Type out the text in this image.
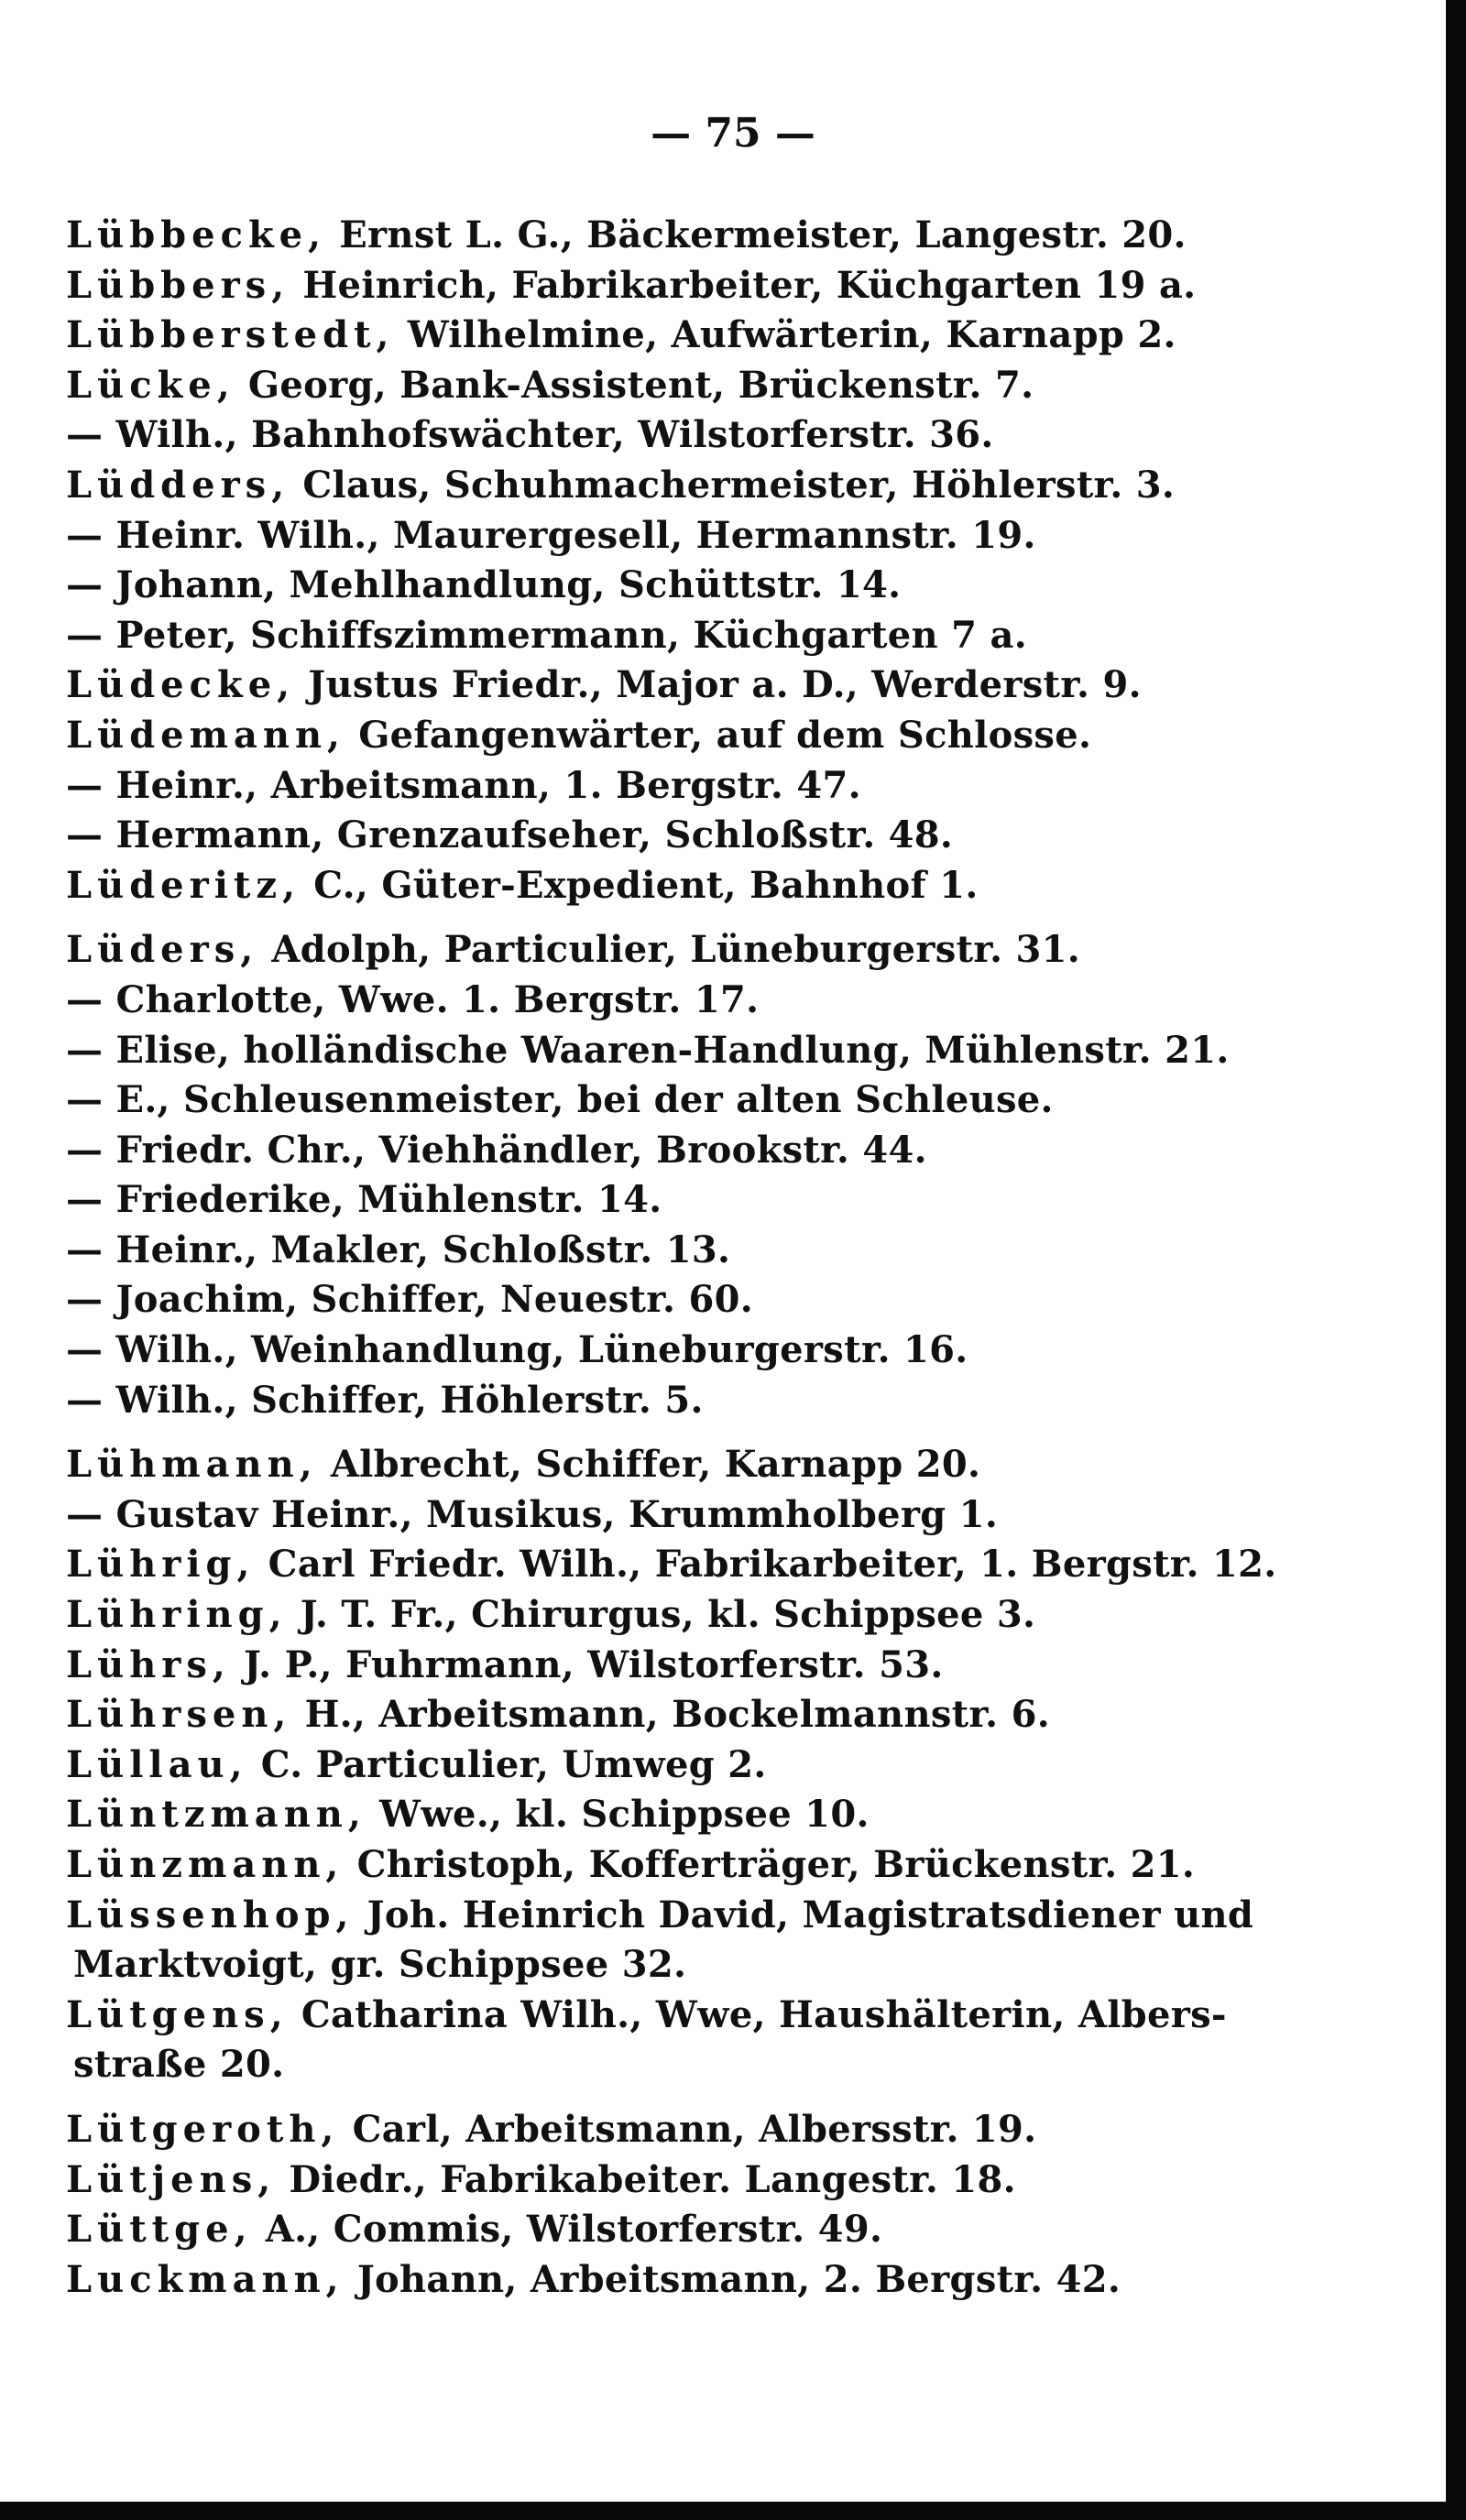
— 75 —
Lübbecke, Ernst L. G., Bäckermeister, Langestr. 20.
Lübbers, Heinrich, Fabrikarbeiter, Küchgarten 19 a.
Lübberstedt, Wilhelmine, Aufwärterin, Karnapp 2.
Lücke, Georg, Bank-Assistent, Brückenstr. 7.
— Wilh., Bahnhofswächter, Wilstorferstr. 36.
Lüdders, Claus, Schuhmachermeister, Höhlerstr. 3.
— Heinr. Wilh., Maurergesell, Hermannstr. 19.
— Johann, Mehlhandlung, Schüttstr. 14.
— Peter, Schiffszimmermann, Küchgarten 7 a.
Lüdecke, Justus Friedr., Major a. D., Werderstr. 9.
Lüdemann, Gefangenwärter, auf dem Schlosse.
— Heinr., Arbeitsmann, 1. Bergstr. 47.
— Hermann, Grenzaufseher, Schloßstr. 48.
Lüderitz, C., Güter-Expedient, Bahnhof 1.
Lüders, Adolph, Particulier, Lüneburgerstr. 31.
— Charlotte, Wwe. 1. Bergstr. 17.
— Elise, holländische Waaren-Handlung, Mühlenstr. 21.
— E., Schleusenmeister, bei der alten Schleuse.
— Friedr. Chr., Viehhändler, Brookstr. 44.
— Friederike, Mühlenstr. 14.
— Heinr., Makler, Schloßstr. 13.
— Joachim, Schiffer, Neuestr. 60.
— Wilh., Weinhandlung, Lüneburgerstr. 16.
— Wilh., Schiffer, Höhlerstr. 5.
Lühmann, Albrecht, Schiffer, Karnapp 20.
— Gustav Heinr., Musikus, Krummholberg 1.
Lührig, Carl Friedr. Wilh., Fabrikarbeiter, 1. Bergstr. 12.
Lühring, J. T. Fr., Chirurgus, kl. Schippsee 3.
Lührs, J. P., Fuhrmann, Wilstorferstr. 53.
Lührsen, H., Arbeitsmann, Bockelmannstr. 6.
Lüllau, C. Particulier, Umweg 2.
Lüntzmann, Wwe., kl. Schippsee 10.
Lünzmann, Christoph, Kofferträger, Brückenstr. 21.
Lüssenhop, Joh. Heinrich David, Magistratsdiener und
Marktvoigt, gr. Schippsee 32.
Lütgens, Catharina Wilh., Wwe, Haushälterin, Albers-
straße 20.
Lütgeroth, Carl, Arbeitsmann, Albersstr. 19.
Lütjens, Diedr., Fabrikabeiter. Langestr. 18.
Lüttge, A., Commis, Wilstorferstr. 49.
Luckmann, Johann, Arbeitsmann, 2. Bergstr. 42.
